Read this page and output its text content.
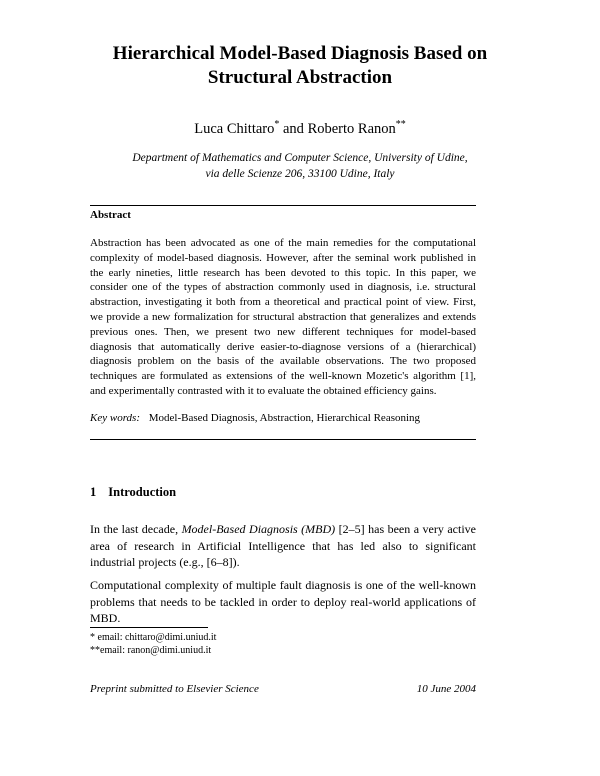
Hierarchical Model-Based Diagnosis Based on
Structural Abstraction
Luca Chittaro* and Roberto Ranon**
Department of Mathematics and Computer Science, University of Udine,
via delle Scienze 206, 33100 Udine, Italy
Abstract
Abstraction has been advocated as one of the main remedies for the computational complexity of model-based diagnosis. However, after the seminal work published in the early nineties, little research has been devoted to this topic. In this paper, we consider one of the types of abstraction commonly used in diagnosis, i.e. structural abstraction, investigating it both from a theoretical and practical point of view. First, we provide a new formalization for structural abstraction that generalizes and extends previous ones. Then, we present two new different techniques for model-based diagnosis that automatically derive easier-to-diagnose versions of a (hierarchical) diagnosis problem on the basis of the available observations. The two proposed techniques are formulated as extensions of the well-known Mozetic's algorithm [1], and experimentally contrasted with it to evaluate the obtained efficiency gains.
Key words: Model-Based Diagnosis, Abstraction, Hierarchical Reasoning
1 Introduction
In the last decade, Model-Based Diagnosis (MBD) [2–5] has been a very active area of research in Artificial Intelligence that has led also to significant industrial projects (e.g., [6–8]).
Computational complexity of multiple fault diagnosis is one of the well-known problems that needs to be tackled in order to deploy real-world applications of MBD.
* email: chittaro@dimi.uniud.it
**email: ranon@dimi.uniud.it
Preprint submitted to Elsevier Science	10 June 2004
